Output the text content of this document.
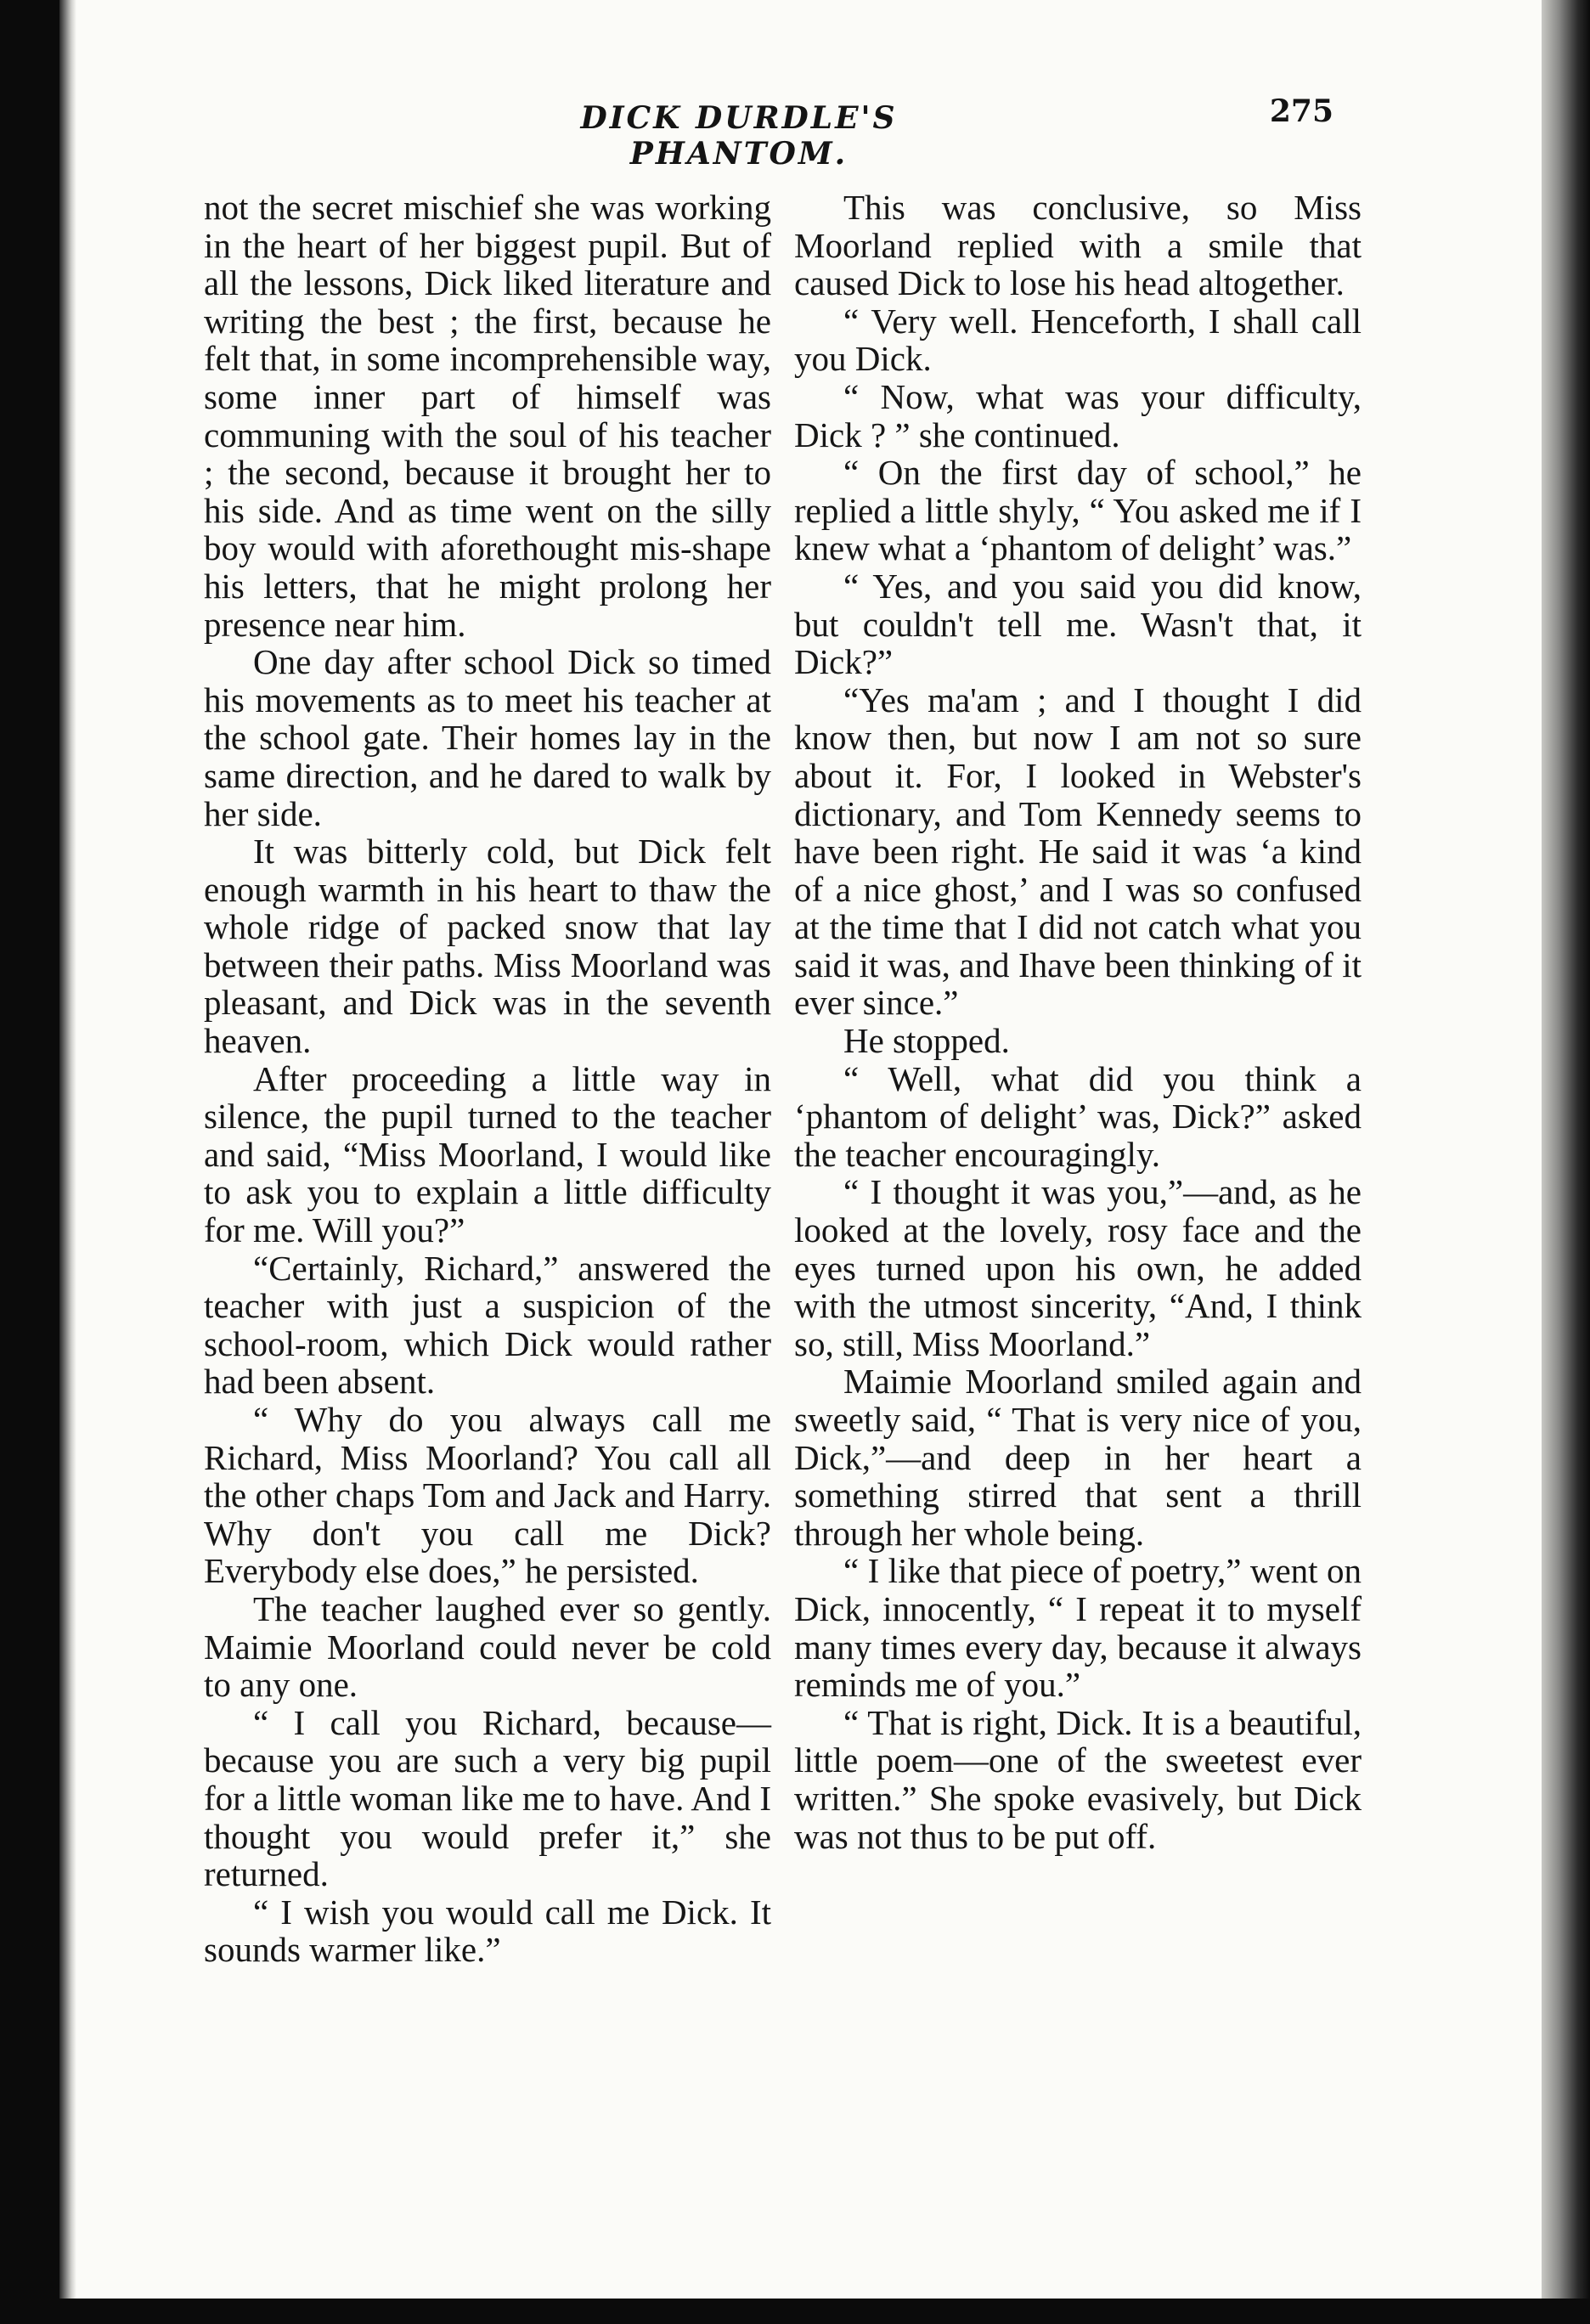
DICK DURDLE'S PHANTOM.
275

not the secret mischief she was working in the heart of her biggest pupil. But of all the lessons, Dick liked literature and writing the best ; the first, because he felt that, in some incomprehensible way, some inner part of himself was communing with the soul of his teacher ; the second, because it brought her to his side. And as time went on the silly boy would with aforethought mis-shape his letters, that he might prolong her presence near him.

One day after school Dick so timed his movements as to meet his teacher at the school gate. Their homes lay in the same direction, and he dared to walk by her side.

It was bitterly cold, but Dick felt enough warmth in his heart to thaw the whole ridge of packed snow that lay between their paths. Miss Moorland was pleasant, and Dick was in the seventh heaven.

After proceeding a little way in silence, the pupil turned to the teacher and said, “Miss Moorland, I would like to ask you to explain a little difficulty for me. Will you?”

“Certainly, Richard,” answered the teacher with just a suspicion of the school-room, which Dick would rather had been absent.

“ Why do you always call me Richard, Miss Moorland? You call all the other chaps Tom and Jack and Harry. Why don't you call me Dick? Everybody else does,” he persisted.

The teacher laughed ever so gently. Maimie Moorland could never be cold to any one.

“ I call you Richard, because— because you are such a very big pupil for a little woman like me to have. And I thought you would prefer it,” she returned.

“ I wish you would call me Dick. It sounds warmer like.”

This was conclusive, so Miss Moorland replied with a smile that caused Dick to lose his head altogether.

“ Very well. Henceforth, I shall call you Dick.

“ Now, what was your difficulty, Dick ? ” she continued.

“ On the first day of school,” he replied a little shyly, “ You asked me if I knew what a ‘phantom of delight’ was.”

“ Yes, and you said you did know, but couldn't tell me. Wasn't that, it Dick?”

“Yes ma'am ; and I thought I did know then, but now I am not so sure about it. For, I looked in Webster's dictionary, and Tom Kennedy seems to have been right. He said it was ‘a kind of a nice ghost,’ and I was so confused at the time that I did not catch what you said it was, and Ihave been thinking of it ever since.”

He stopped.

“ Well, what did you think a ‘phantom of delight’ was, Dick?” asked the teacher encouragingly.

“ I thought it was you,”—and, as he looked at the lovely, rosy face and the eyes turned upon his own, he added with the utmost sincerity, “And, I think so, still, Miss Moorland.”

Maimie Moorland smiled again and sweetly said, “ That is very nice of you, Dick,”—and deep in her heart a something stirred that sent a thrill through her whole being.

“ I like that piece of poetry,” went on Dick, innocently, “ I repeat it to myself many times every day, because it always reminds me of you.”

“ That is right, Dick. It is a beautiful, little poem—one of the sweetest ever written.” She spoke evasively, but Dick was not thus to be put off.
